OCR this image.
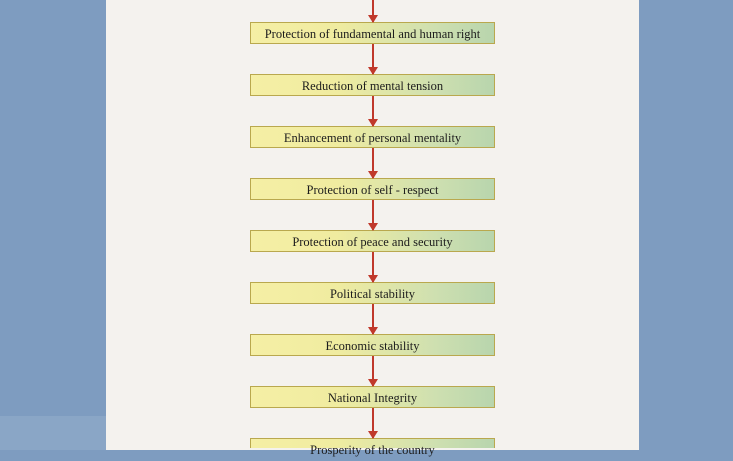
Protection of fundamental and human right
Reduction of mental tension
Enhancement of personal mentality
Protection of self - respect
Protection of peace and security
Political stability
Economic stability
National Integrity
Prosperity of the country
